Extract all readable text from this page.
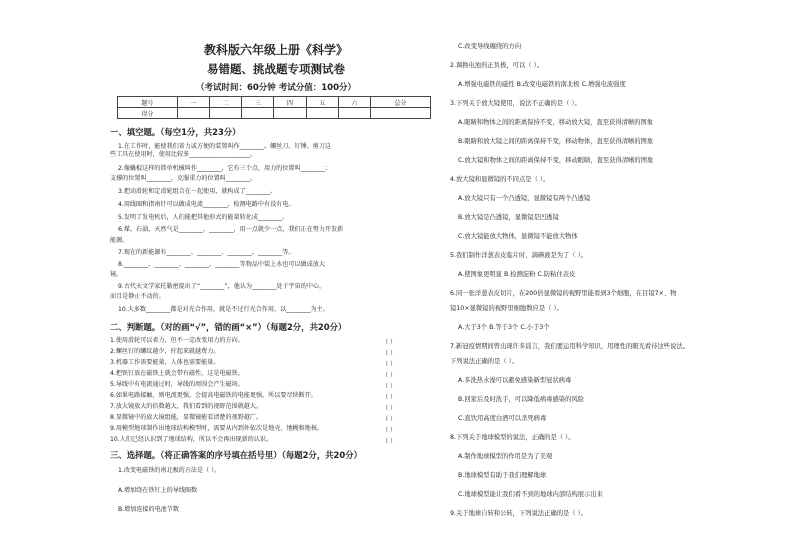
教科版六年级上册《科学》
易错题、挑战题专项测试卷
（考试时间：60分钟 考试分值：100分）
题号	一	二	三	四	五	六	总分
得分							
一、填空题。（每空1分，共23分）
1.在工作时，能使我们省力或方便的装置叫作________。螺丝刀、钉锤、剪刀这
些工具在使用时，使用比较多____________________。
2.像撬棍这样的简单机械叫作________，它有三个点，用力的位置叫________；
支撑的位置叫________，克服重力的位置叫________。
3.把动滑轮和定滑轮组合在一起使用，就构成了________。
4.用线圈和指南针可以做成电流________，检测电路中有没有电。
5.发明了发电机后，人们能把其他形式的能量转化成________。
6.煤、石油、天然气是________、________，用一点就少一点，我们正在努力开发新
能源。
7.现在的新能源有________、________、________、________等。
8.________、________、________、________等物品中装上水也可以做成放大
镜。
9.古代天文学家托勒密提出了“________”，他认为________处于宇宙的中心，
而且是静止不动的。
10.大多数________都是对光合作用，就是不过行光合作用，以________为主。
二、判断题。（对的画“√”，错的画“×”）（每题2分，共20分）
1.使用滑轮可以省力，但不一定改变用力的方向。	（ ）
2.螺丝钉的螺纹越少，拧起来就越费力。	（ ）
3.机器工作需要能量，人体也需要能量。	（ ）
4.把铁钉放在磁铁上就会带有磁性，这是电磁铁。	（ ）
5.导线中有电流通过时，导线的周围会产生磁场。	（ ）
6.如果电路接触，则电流更强，会提高电磁铁的电能更强，所以要尽快断开。	（ ）
7.放大镜放大的倍数越大，我们看到的视野范围就越大。	（ ）
8.显微镜中的放大镜组能，显微镜能看清楚的视野越广。	（ ）
9.用模型地球制作出地球结构模型时，需要从内到外依次是地壳、地幔和地核。	（ ）
10.人们已经认识到了地球结构，所以不会再出现新的认识。	（ ）
三、选择题。（将正确答案的序号填在括号里）（每题2分，共20分）
1.改变电磁铁的南北极的方法是（ ）。
A.增加绕在铁钉上的导线圈数
B.增加连接的电池节数
C.改变导线缠绕的方向
2.调换电池的正负极，可以（ ）。
A.增强电磁铁的磁性 B.改变电磁铁的南北极 C.增强电流强度
3.下列关于放大镜使用，说法不正确的是（ ）。
A.眼睛和物体之间的距离保持不变，移动放大镜，直至获得清晰的图象
B.眼睛和放大镜之间的距离保持不变，移动物体，直至获得清晰的图象
C.放大镜和物体之间的距离保持不变，移动眼睛，直至获得清晰的图象
4.放大镜和显微镜的不同点是（ ）。
A.放大镜只有一个凸透镜，显微镜有两个凸透镜
B.放大镜是凸透镜，显微镜是凹透镜
C.放大镜能放大物体，显微镜不能放大物体
5.我们制作洋葱表皮临片时，滴碘液是为了（ ）。
A.使图象更明显 B.检测淀粉 C.防粘住表皮
6.同一张洋葱表皮切片，在200倍显微镜的视野里能看到3个细胞，在目镜7×、物
镜10×显微镜的视野里细胞数应是（ ）。
A.大于3个 B.等于3个 C.小于3个
7.新冠疫情期间曾出现许多谣言，我们要运用科学知识，用理性的眼光看待这些说法。
下列说法正确的是（ ）。
A.多洗热水澡可以避免感染新型冠状病毒
B.回家后及时洗手，可以降低病毒感染的风险
C.直饮用高度白酒可以杀死病毒
8.下列关于地球模型的说法，正确的是（ ）。
A.制作地球模型的作用是为了美观
B.地球模型有助于我们理解地球
C.地球模型能让我们看不到的地球内部结构展示出来
9.关于地球自转和公转，下列说法正确的是（ ）。
